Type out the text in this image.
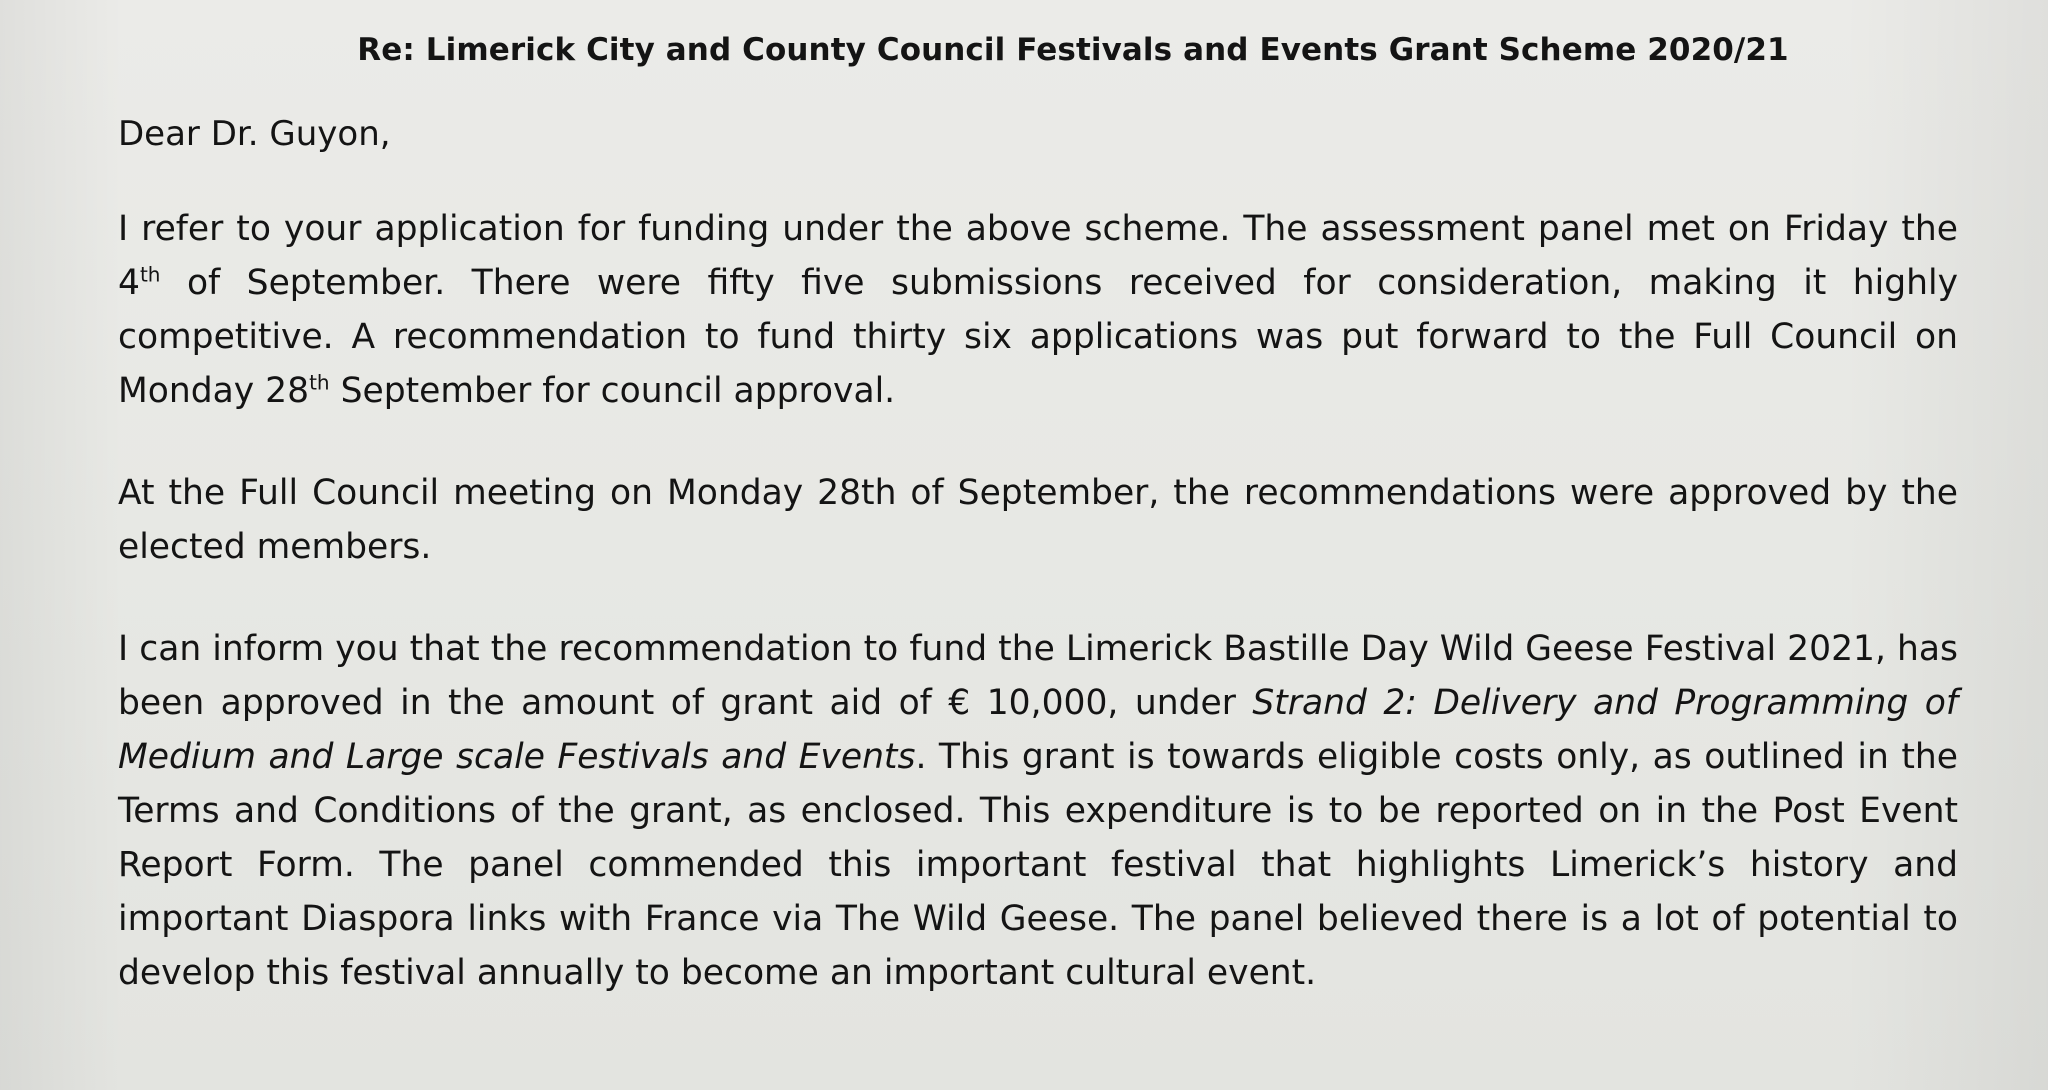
Re: Limerick City and County Council Festivals and Events Grant Scheme 2020/21
Dear Dr. Guyon,

I refer to your application for funding under the above scheme. The assessment panel met on Friday the 4th of September. There were fifty five submissions received for consideration, making it highly competitive. A recommendation to fund thirty six applications was put forward to the Full Council on Monday 28th September for council approval.

At the Full Council meeting on Monday 28th of September, the recommendations were approved by the elected members.

I can inform you that the recommendation to fund the Limerick Bastille Day Wild Geese Festival 2021, has been approved in the amount of grant aid of € 10,000, under Strand 2: Delivery and Programming of Medium and Large scale Festivals and Events. This grant is towards eligible costs only, as outlined in the Terms and Conditions of the grant, as enclosed. This expenditure is to be reported on in the Post Event Report Form. The panel commended this important festival that highlights Limerick’s history and important Diaspora links with France via The Wild Geese. The panel believed there is a lot of potential to develop this festival annually to become an important cultural event.
